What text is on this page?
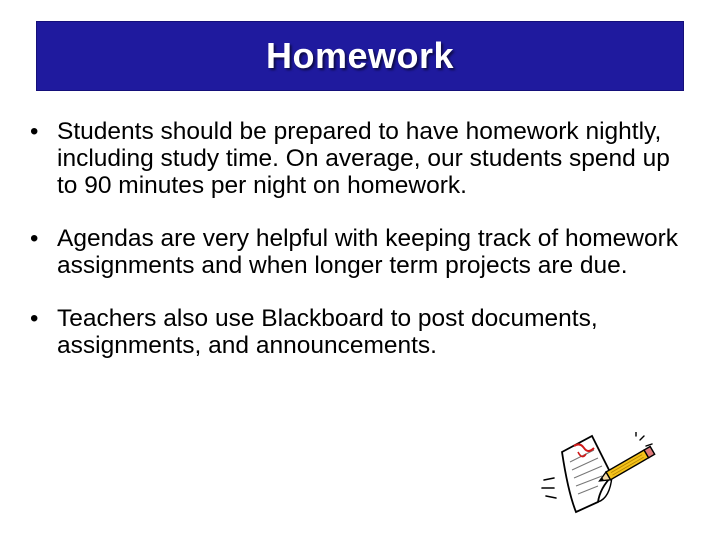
Homework
• Students should be prepared to have homework nightly, including study time. On average, our students spend up to 90 minutes per night on homework.
• Agendas are very helpful with keeping track of homework assignments and when longer term projects are due.
• Teachers also use Blackboard to post documents, assignments, and announcements.
